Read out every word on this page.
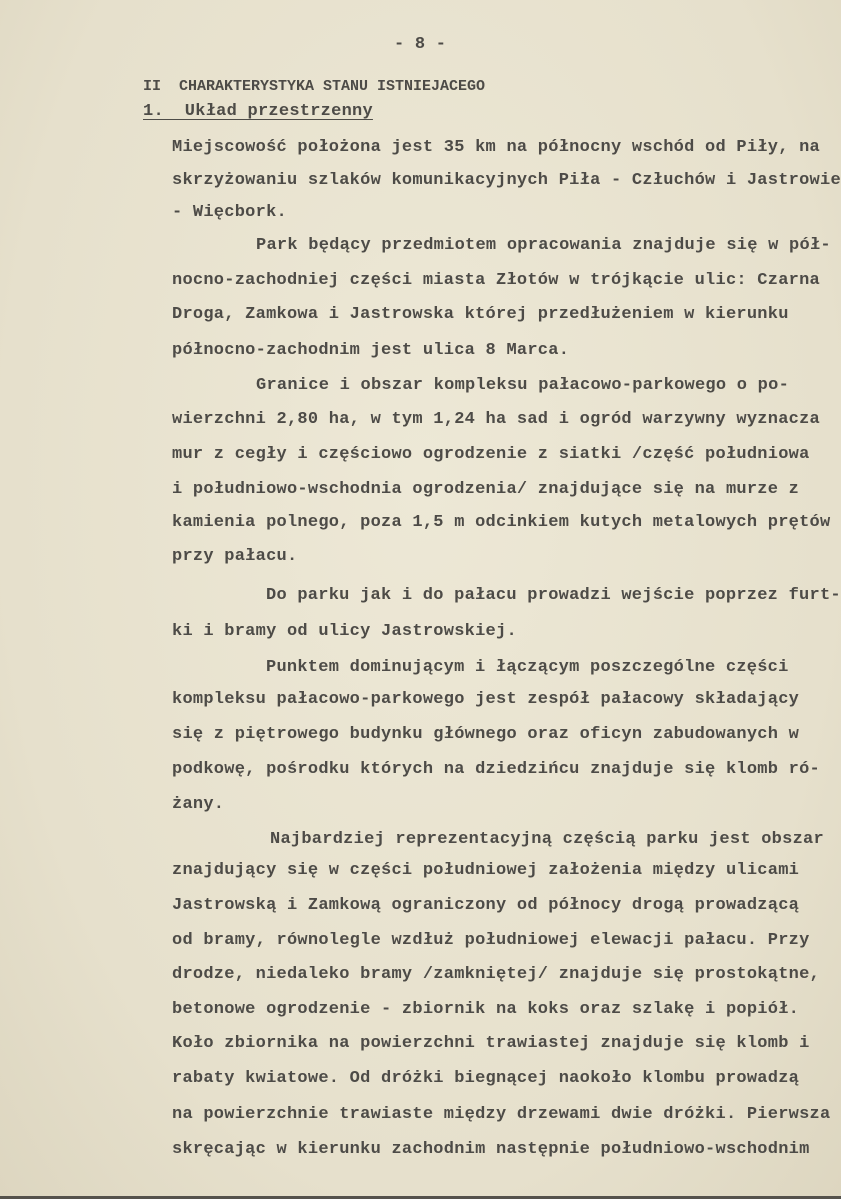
- 8 -
II  CHARAKTERYSTYKA STANU ISTNIEJACEGO
1.  Układ przestrzenny
Miejscowość położona jest 35 km na północny wschód od Piły, na
skrzyżowaniu szlaków komunikacyjnych Piła - Człuchów i Jastrowie
- Więcbork.
Park będący przedmiotem opracowania znajduje się w pół-
nocno-zachodniej części miasta Złotów w trójkącie ulic: Czarna
Droga, Zamkowa i Jastrowska której przedłużeniem w kierunku
północno-zachodnim jest ulica 8 Marca.
Granice i obszar kompleksu pałacowo-parkowego o po-
wierzchni 2,80 ha, w tym 1,24 ha sad i ogród warzywny wyznacza
mur z cegły i częściowo ogrodzenie z siatki /część południowa
i południowo-wschodnia ogrodzenia/ znajdujące się na murze z
kamienia polnego, poza 1,5 m odcinkiem kutych metalowych prętów
przy pałacu.
Do parku jak i do pałacu prowadzi wejście poprzez furt-
ki i bramy od ulicy Jastrowskiej.
Punktem dominującym i łączącym poszczególne części
kompleksu pałacowo-parkowego jest zespół pałacowy składający
się z piętrowego budynku głównego oraz oficyn zabudowanych w
podkowę, pośrodku których na dziedzińcu znajduje się klomb ró-
żany.
Najbardziej reprezentacyjną częścią parku jest obszar
znajdujący się w części południowej założenia między ulicami
Jastrowską i Zamkową ograniczony od północy drogą prowadzącą
od bramy, równolegle wzdłuż południowej elewacji pałacu. Przy
drodze, niedaleko bramy /zamkniętej/ znajduje się prostokątne,
betonowe ogrodzenie - zbiornik na koks oraz szlakę i popiół.
Koło zbiornika na powierzchni trawiastej znajduje się klomb i
rabaty kwiatowe. Od dróżki biegnącej naokoło klombu prowadzą
na powierzchnie trawiaste między drzewami dwie dróżki. Pierwsza
skręcając w kierunku zachodnim następnie południowo-wschodnim
